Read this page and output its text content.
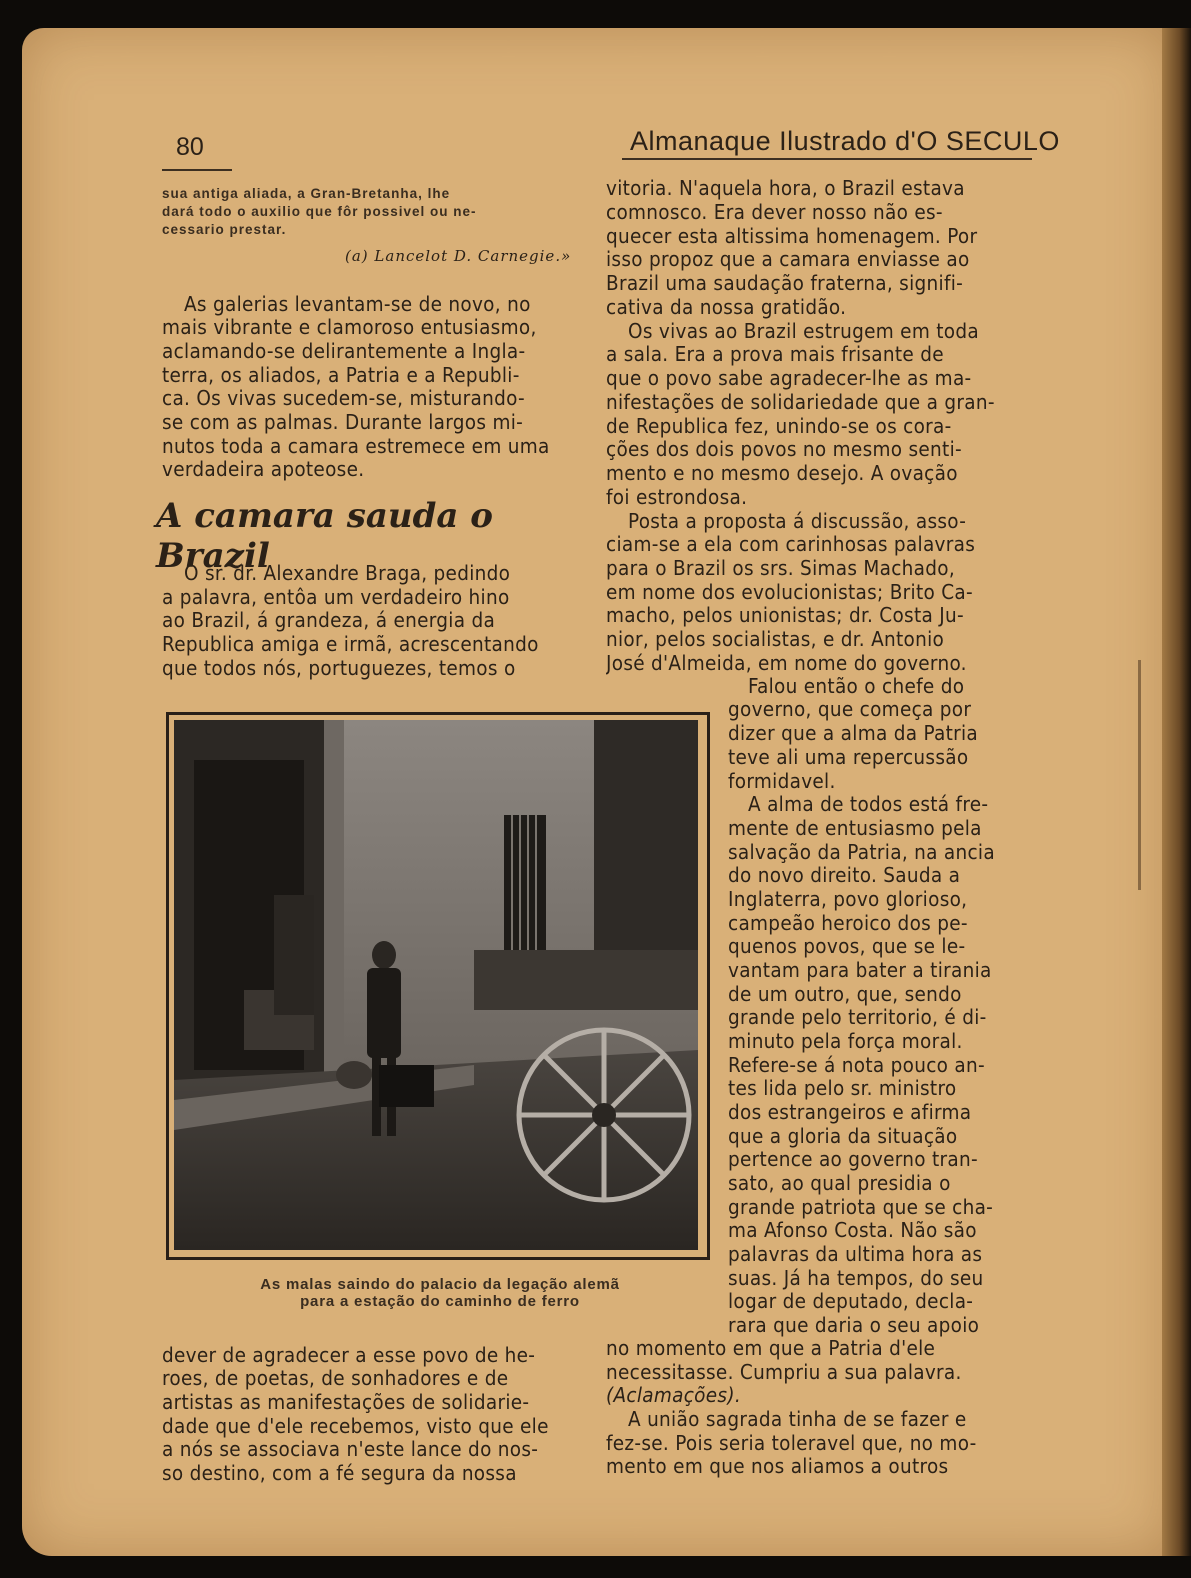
80	Almanaque Ilustrado d'O SECULO
sua antiga aliada, a Gran-Bretanha, lhe
dará todo o auxilio que fôr possivel ou ne-
cessario prestar.
(a) Lancelot D. Carnegie.»
As galerias levantam-se de novo, no
mais vibrante e clamoroso entusiasmo,
aclamando-se delirantemente a Ingla-
terra, os aliados, a Patria e a Republi-
ca. Os vivas sucedem-se, misturando-
se com as palmas. Durante largos mi-
nutos toda a camara estremece em uma
verdadeira apoteose.
A camara sauda o Brazil
O sr. dr. Alexandre Braga, pedindo
a palavra, entôa um verdadeiro hino
ao Brazil, á grandeza, á energia da
Republica amiga e irmã, acrescentando
que todos nós, portuguezes, temos o
vitoria. N'aquela hora, o Brazil estava
comnosco. Era dever nosso não es-
quecer esta altissima homenagem. Por
isso propoz que a camara enviasse ao
Brazil uma saudação fraterna, signifi-
cativa da nossa gratidão.
Os vivas ao Brazil estrugem em toda
a sala. Era a prova mais frisante de
que o povo sabe agradecer-lhe as ma-
nifestações de solidariedade que a gran-
de Republica fez, unindo-se os cora-
ções dos dois povos no mesmo senti-
mento e no mesmo desejo. A ovação
foi estrondosa.
Posta a proposta á discussão, asso-
ciam-se a ela com carinhosas palavras
para o Brazil os srs. Simas Machado,
em nome dos evolucionistas; Brito Ca-
macho, pelos unionistas; dr. Costa Ju-
nior, pelos socialistas, e dr. Antonio
José d'Almeida, em nome do governo.
As malas saindo do palacio da legação alemã
para a estação do caminho de ferro
Falou então o chefe do
governo, que começa por
dizer que a alma da Patria
teve ali uma repercussão
formidavel.
A alma de todos está fre-
mente de entusiasmo pela
salvação da Patria, na ancia
do novo direito. Sauda a
Inglaterra, povo glorioso,
campeão heroico dos pe-
quenos povos, que se le-
vantam para bater a tirania
de um outro, que, sendo
grande pelo territorio, é di-
minuto pela força moral.
Refere-se á nota pouco an-
tes lida pelo sr. ministro
dos estrangeiros e afirma
que a gloria da situação
pertence ao governo tran-
sato, ao qual presidia o
grande patriota que se cha-
ma Afonso Costa. Não são
palavras da ultima hora as
suas. Já ha tempos, do seu
logar de deputado, decla-
rara que daria o seu apoio
dever de agradecer a esse povo de he-
roes, de poetas, de sonhadores e de
artistas as manifestações de solidarie-
dade que d'ele recebemos, visto que ele
a nós se associava n'este lance do nos-
so destino, com a fé segura da nossa
no momento em que a Patria d'ele
necessitasse. Cumpriu a sua palavra.
(Aclamações).
A união sagrada tinha de se fazer e
fez-se. Pois seria toleravel que, no mo-
mento em que nos aliamos a outros
